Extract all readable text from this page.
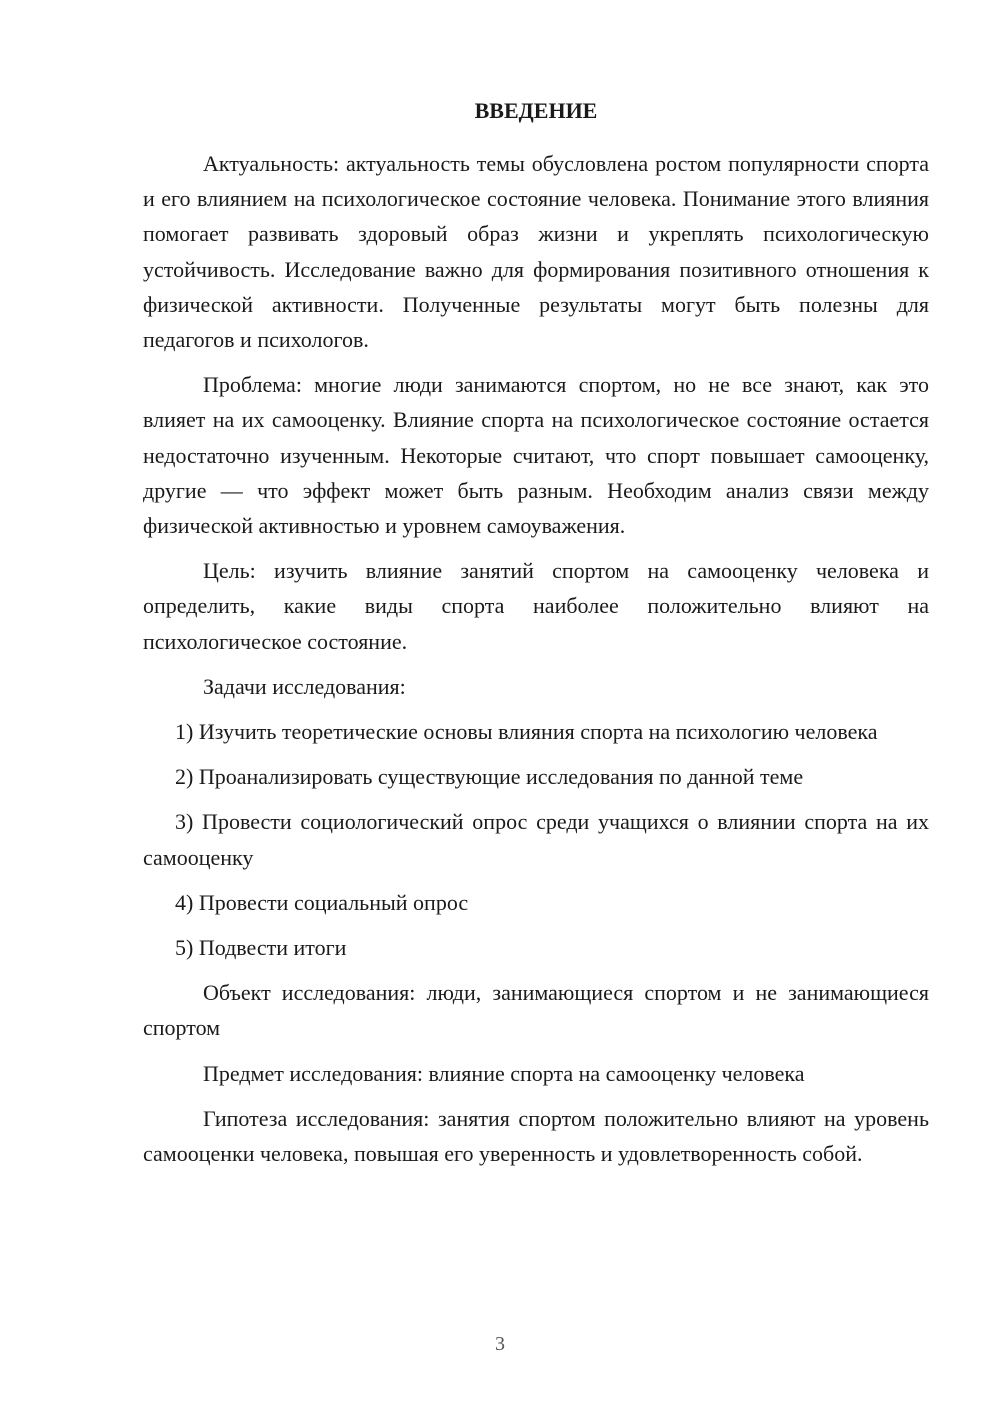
ВВЕДЕНИЕ

Актуальность: актуальность темы обусловлена ростом популярности спорта и его влиянием на психологическое состояние человека. Понимание этого влияния помогает развивать здоровый образ жизни и укреплять психологическую устойчивость. Исследование важно для формирования позитивного отношения к физической активности. Полученные результаты могут быть полезны для педагогов и психологов.

Проблема: многие люди занимаются спортом, но не все знают, как это влияет на их самооценку. Влияние спорта на психологическое состояние остается недостаточно изученным. Некоторые считают, что спорт повышает самооценку, другие — что эффект может быть разным. Необходим анализ связи между физической активностью и уровнем самоуважения.

Цель: изучить влияние занятий спортом на самооценку человека и определить, какие виды спорта наиболее положительно влияют на психологическое состояние.

Задачи исследования:

1) Изучить теоретические основы влияния спорта на психологию человека

2) Проанализировать существующие исследования по данной теме

3) Провести социологический опрос среди учащихся о влиянии спорта на их самооценку

4) Провести социальный опрос

5) Подвести итоги

Объект исследования: люди, занимающиеся спортом и не занимающиеся спортом

Предмет исследования: влияние спорта на самооценку человека

Гипотеза исследования: занятия спортом положительно влияют на уровень самооценки человека, повышая его уверенность и удовлетворенность собой.

3
